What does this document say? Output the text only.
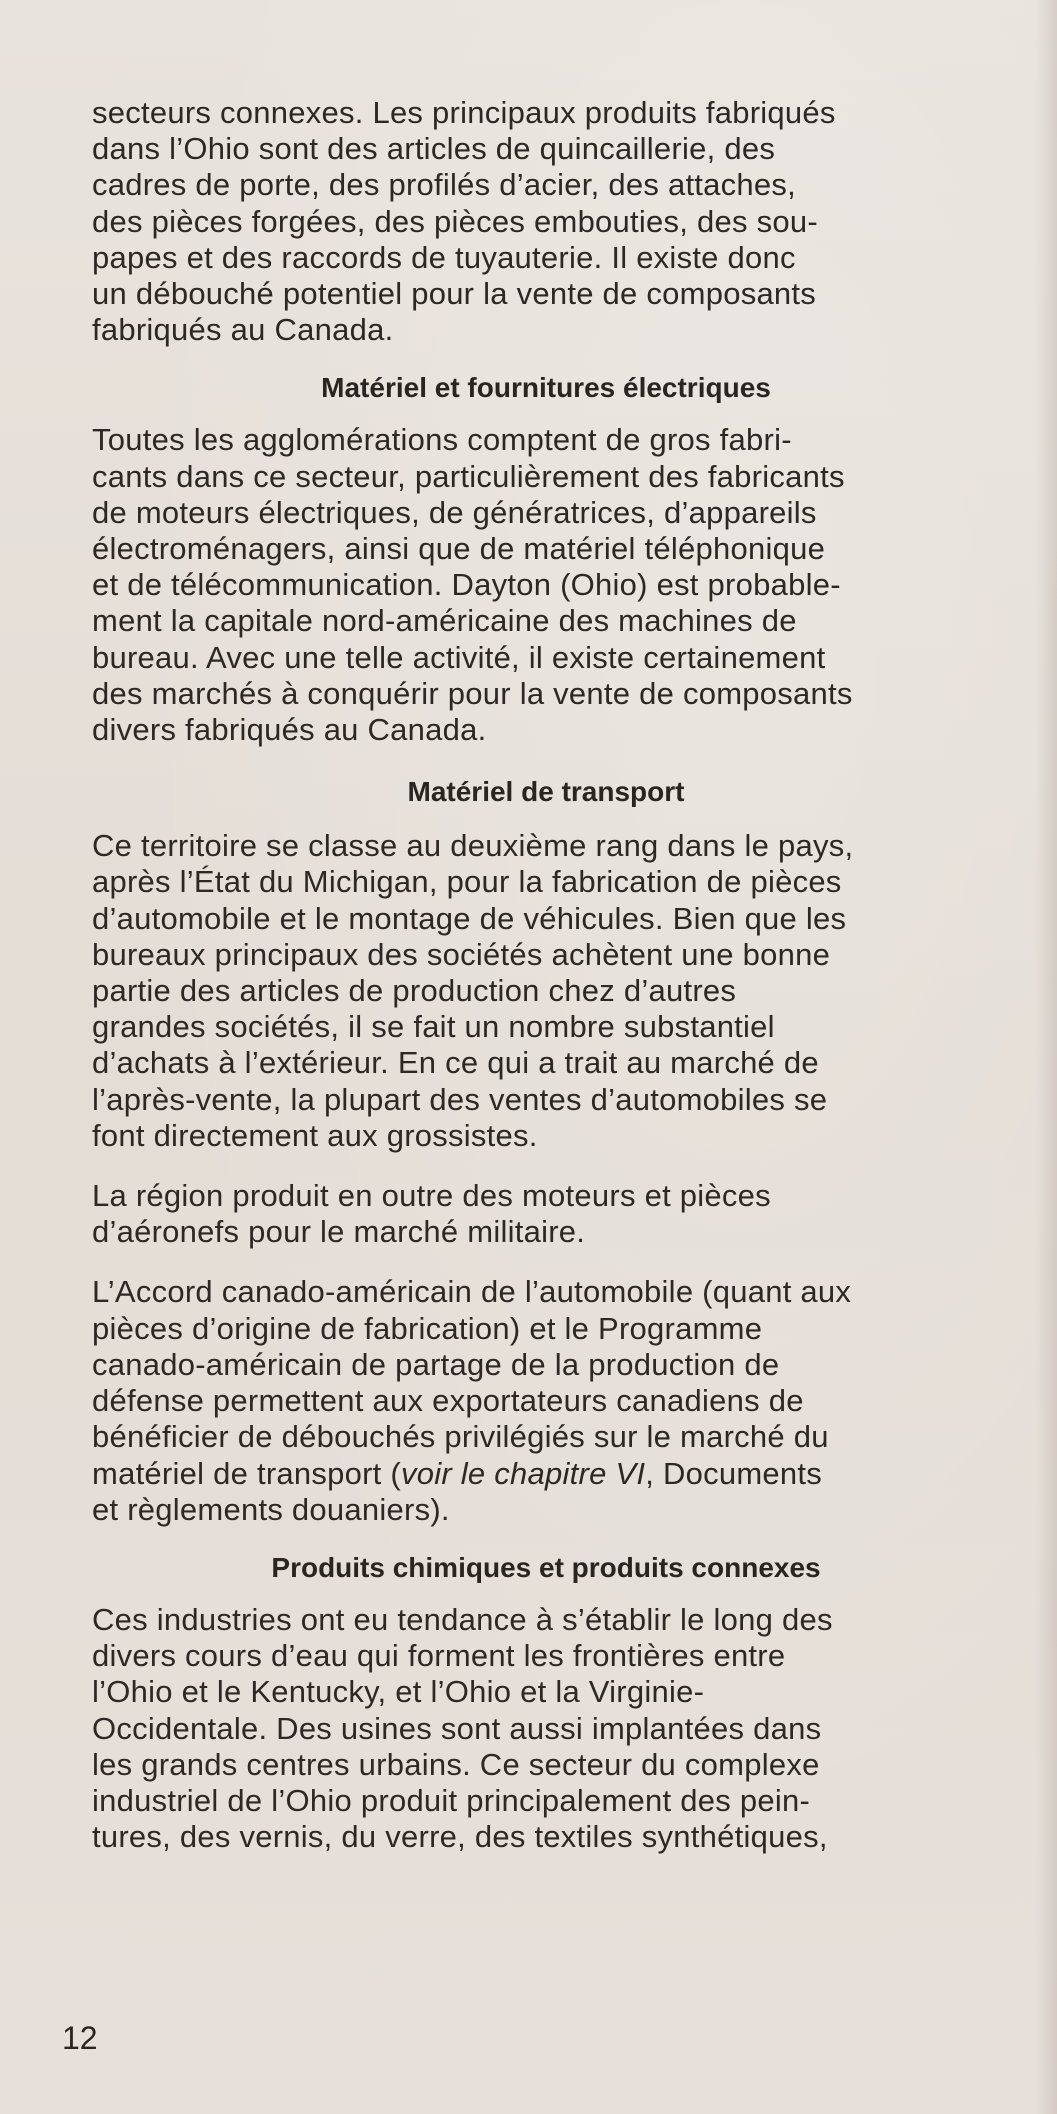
secteurs connexes. Les principaux produits fabriqués
dans l’Ohio sont des articles de quincaillerie, des
cadres de porte, des profilés d’acier, des attaches,
des pièces forgées, des pièces embouties, des sou-
papes et des raccords de tuyauterie. Il existe donc
un débouché potentiel pour la vente de composants
fabriqués au Canada.

Matériel et fournitures électriques

Toutes les agglomérations comptent de gros fabri-
cants dans ce secteur, particulièrement des fabricants
de moteurs électriques, de génératrices, d’appareils
électroménagers, ainsi que de matériel téléphonique
et de télécommunication. Dayton (Ohio) est probable-
ment la capitale nord-américaine des machines de
bureau. Avec une telle activité, il existe certainement
des marchés à conquérir pour la vente de composants
divers fabriqués au Canada.

Matériel de transport

Ce territoire se classe au deuxième rang dans le pays,
après l’État du Michigan, pour la fabrication de pièces
d’automobile et le montage de véhicules. Bien que les
bureaux principaux des sociétés achètent une bonne
partie des articles de production chez d’autres
grandes sociétés, il se fait un nombre substantiel
d’achats à l’extérieur. En ce qui a trait au marché de
l’après-vente, la plupart des ventes d’automobiles se
font directement aux grossistes.

La région produit en outre des moteurs et pièces
d’aéronefs pour le marché militaire.

L’Accord canado-américain de l’automobile (quant aux
pièces d’origine de fabrication) et le Programme
canado-américain de partage de la production de
défense permettent aux exportateurs canadiens de
bénéficier de débouchés privilégiés sur le marché du
matériel de transport (voir le chapitre VI, Documents
et règlements douaniers).

Produits chimiques et produits connexes

Ces industries ont eu tendance à s’établir le long des
divers cours d’eau qui forment les frontières entre
l’Ohio et le Kentucky, et l’Ohio et la Virginie-
Occidentale. Des usines sont aussi implantées dans
les grands centres urbains. Ce secteur du complexe
industriel de l’Ohio produit principalement des pein-
tures, des vernis, du verre, des textiles synthétiques,

12
